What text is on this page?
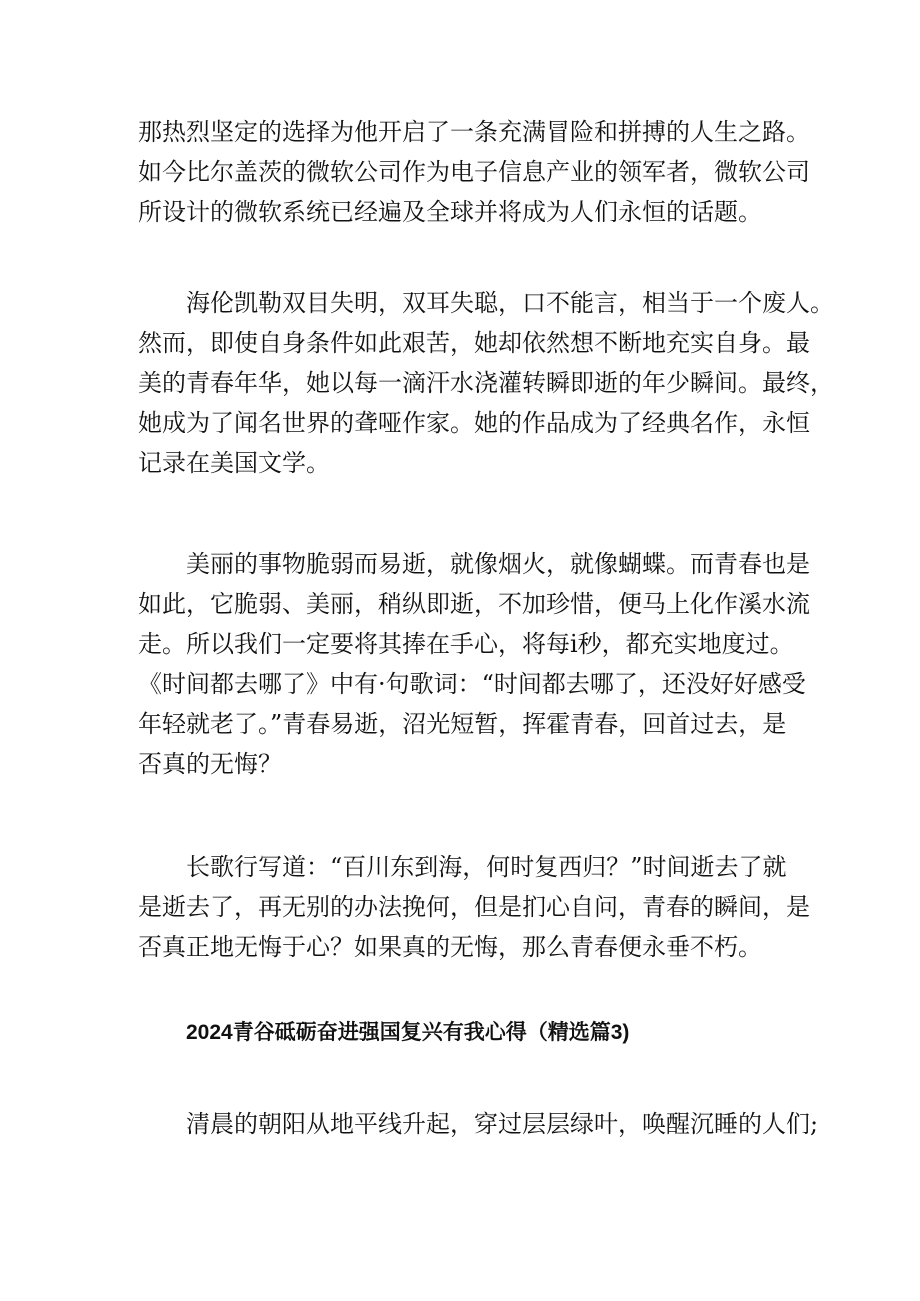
那热烈坚定的选择为他开启了一条充满冒险和拼搏的人生之路。
如今比尔盖茨的微软公司作为电子信息产业的领军者，微软公司
所设计的微软系统已经遍及全球并将成为人们永恒的话题。

海伦凯勒双目失明，双耳失聪，口不能言，相当于一个废人。
然而，即使自身条件如此艰苦，她却依然想不断地充实自身。最
美的青春年华，她以每一滴汗水浇灌转瞬即逝的年少瞬间。最终，
她成为了闻名世界的聋哑作家。她的作品成为了经典名作，永恒
记录在美国文学。

美丽的事物脆弱而易逝，就像烟火，就像蝴蝶。而青春也是
如此，它脆弱、美丽，稍纵即逝，不加珍惜，便马上化作溪水流
走。所以我们一定要将其捧在手心，将每i秒，都充实地度过。
《时间都去哪了》中有·句歌词：“时间都去哪了，还没好好感受
年轻就老了。”青春易逝，沼光短暂，挥霍青春，回首过去，是
否真的无悔？

长歌行写道：“百川东到海，何时复西归？”时间逝去了就
是逝去了，再无别的办法挽何，但是扪心自问，青春的瞬间，是
否真正地无悔于心？如果真的无悔，那么青春便永垂不朽。

2024青谷砥砺奋进强国复兴有我心得（精选篇3)

清晨的朝阳从地平线升起，穿过层层绿叶，唤醒沉睡的人们;
